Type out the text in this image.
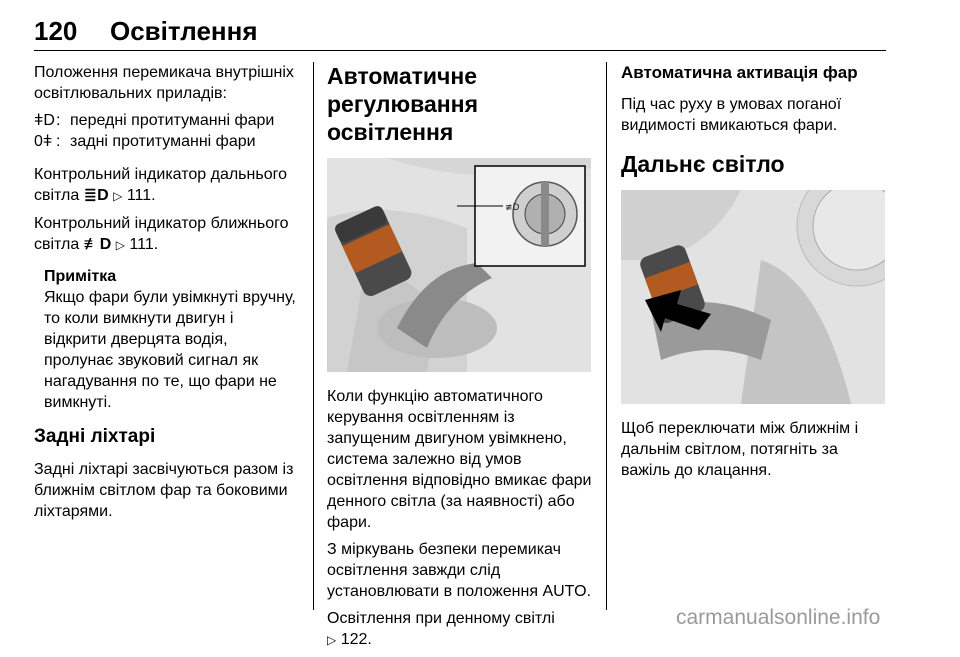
120 Освітлення

Положення перемикача внутрішніх освітлювальних приладів:

ǂD : передні протитуманні фари
0ǂ : задні протитуманні фари

Контрольний індикатор дальнього світла ≣D ▷ 111.

Контрольний індикатор ближнього світла ≢D ▷ 111.

Примітка
Якщо фари були увімкнуті вручну, то коли вимкнути двигун і відкрити дверцята водія, пролунає звуковий сигнал як нагадування по те, що фари не вимкнуті.
Задні ліхтарі

Задні ліхтарі засвічуються разом із ближнім світлом фар та боковими ліхтарями.

Автоматичне регулювання освітлення
≢D

Коли функцію автоматичного керування освітленням із запущеним двигуном увімкнено, система залежно від умов освітлення відповідно вмикає фари денного світла (за наявності) або фари.

З міркувань безпеки перемикач освітлення завжди слід установлювати в положення AUTO.

Освітлення при денному світлі
▷ 122.

Автоматична активація фар

Під час руху в умовах поганої видимості вмикаються фари.

Дальнє світло

Щоб переключати між ближнім і дальнім світлом, потягніть за важіль до клацання.

carmanualsonline.info
